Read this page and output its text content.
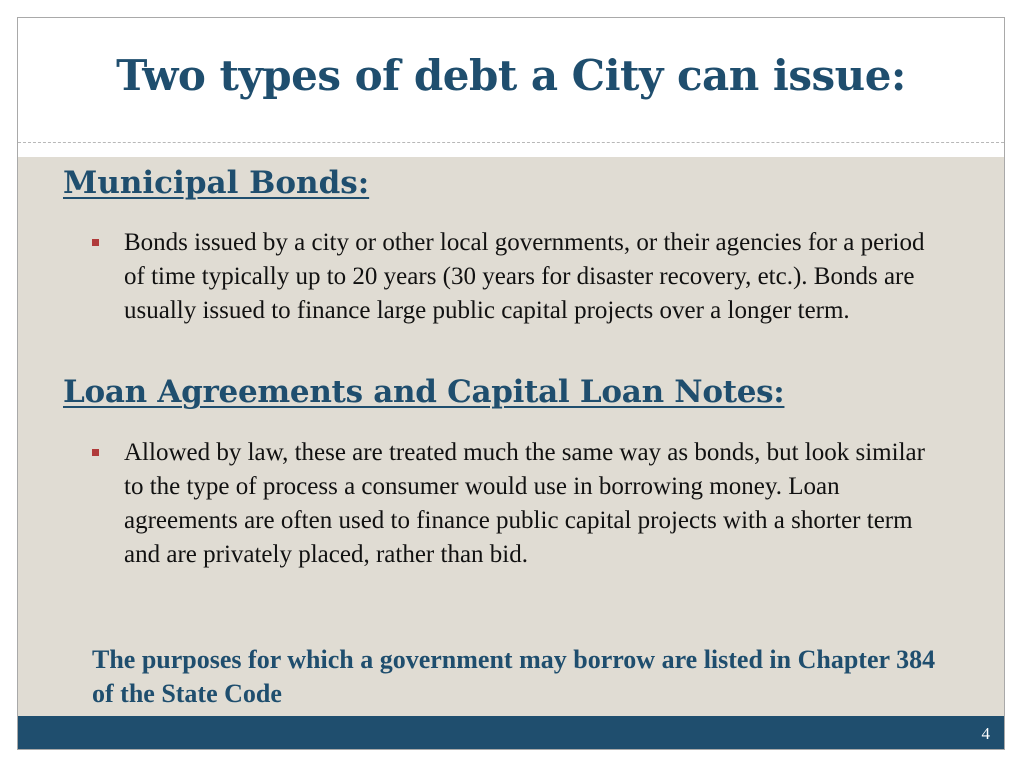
Two types of debt a City can issue:
Municipal Bonds:
Bonds issued by a city or other local governments, or their agencies for a period of time typically up to 20 years (30 years for disaster recovery, etc.). Bonds are usually issued to finance large public capital projects over a longer term.
Loan Agreements and Capital Loan Notes:
Allowed by law, these are treated much the same way as bonds, but look similar to the type of process a consumer would use in borrowing money. Loan agreements are often used to finance public capital projects with a shorter term and are privately placed, rather than bid.
The purposes for which a government may borrow are listed in Chapter 384 of the State Code
4
